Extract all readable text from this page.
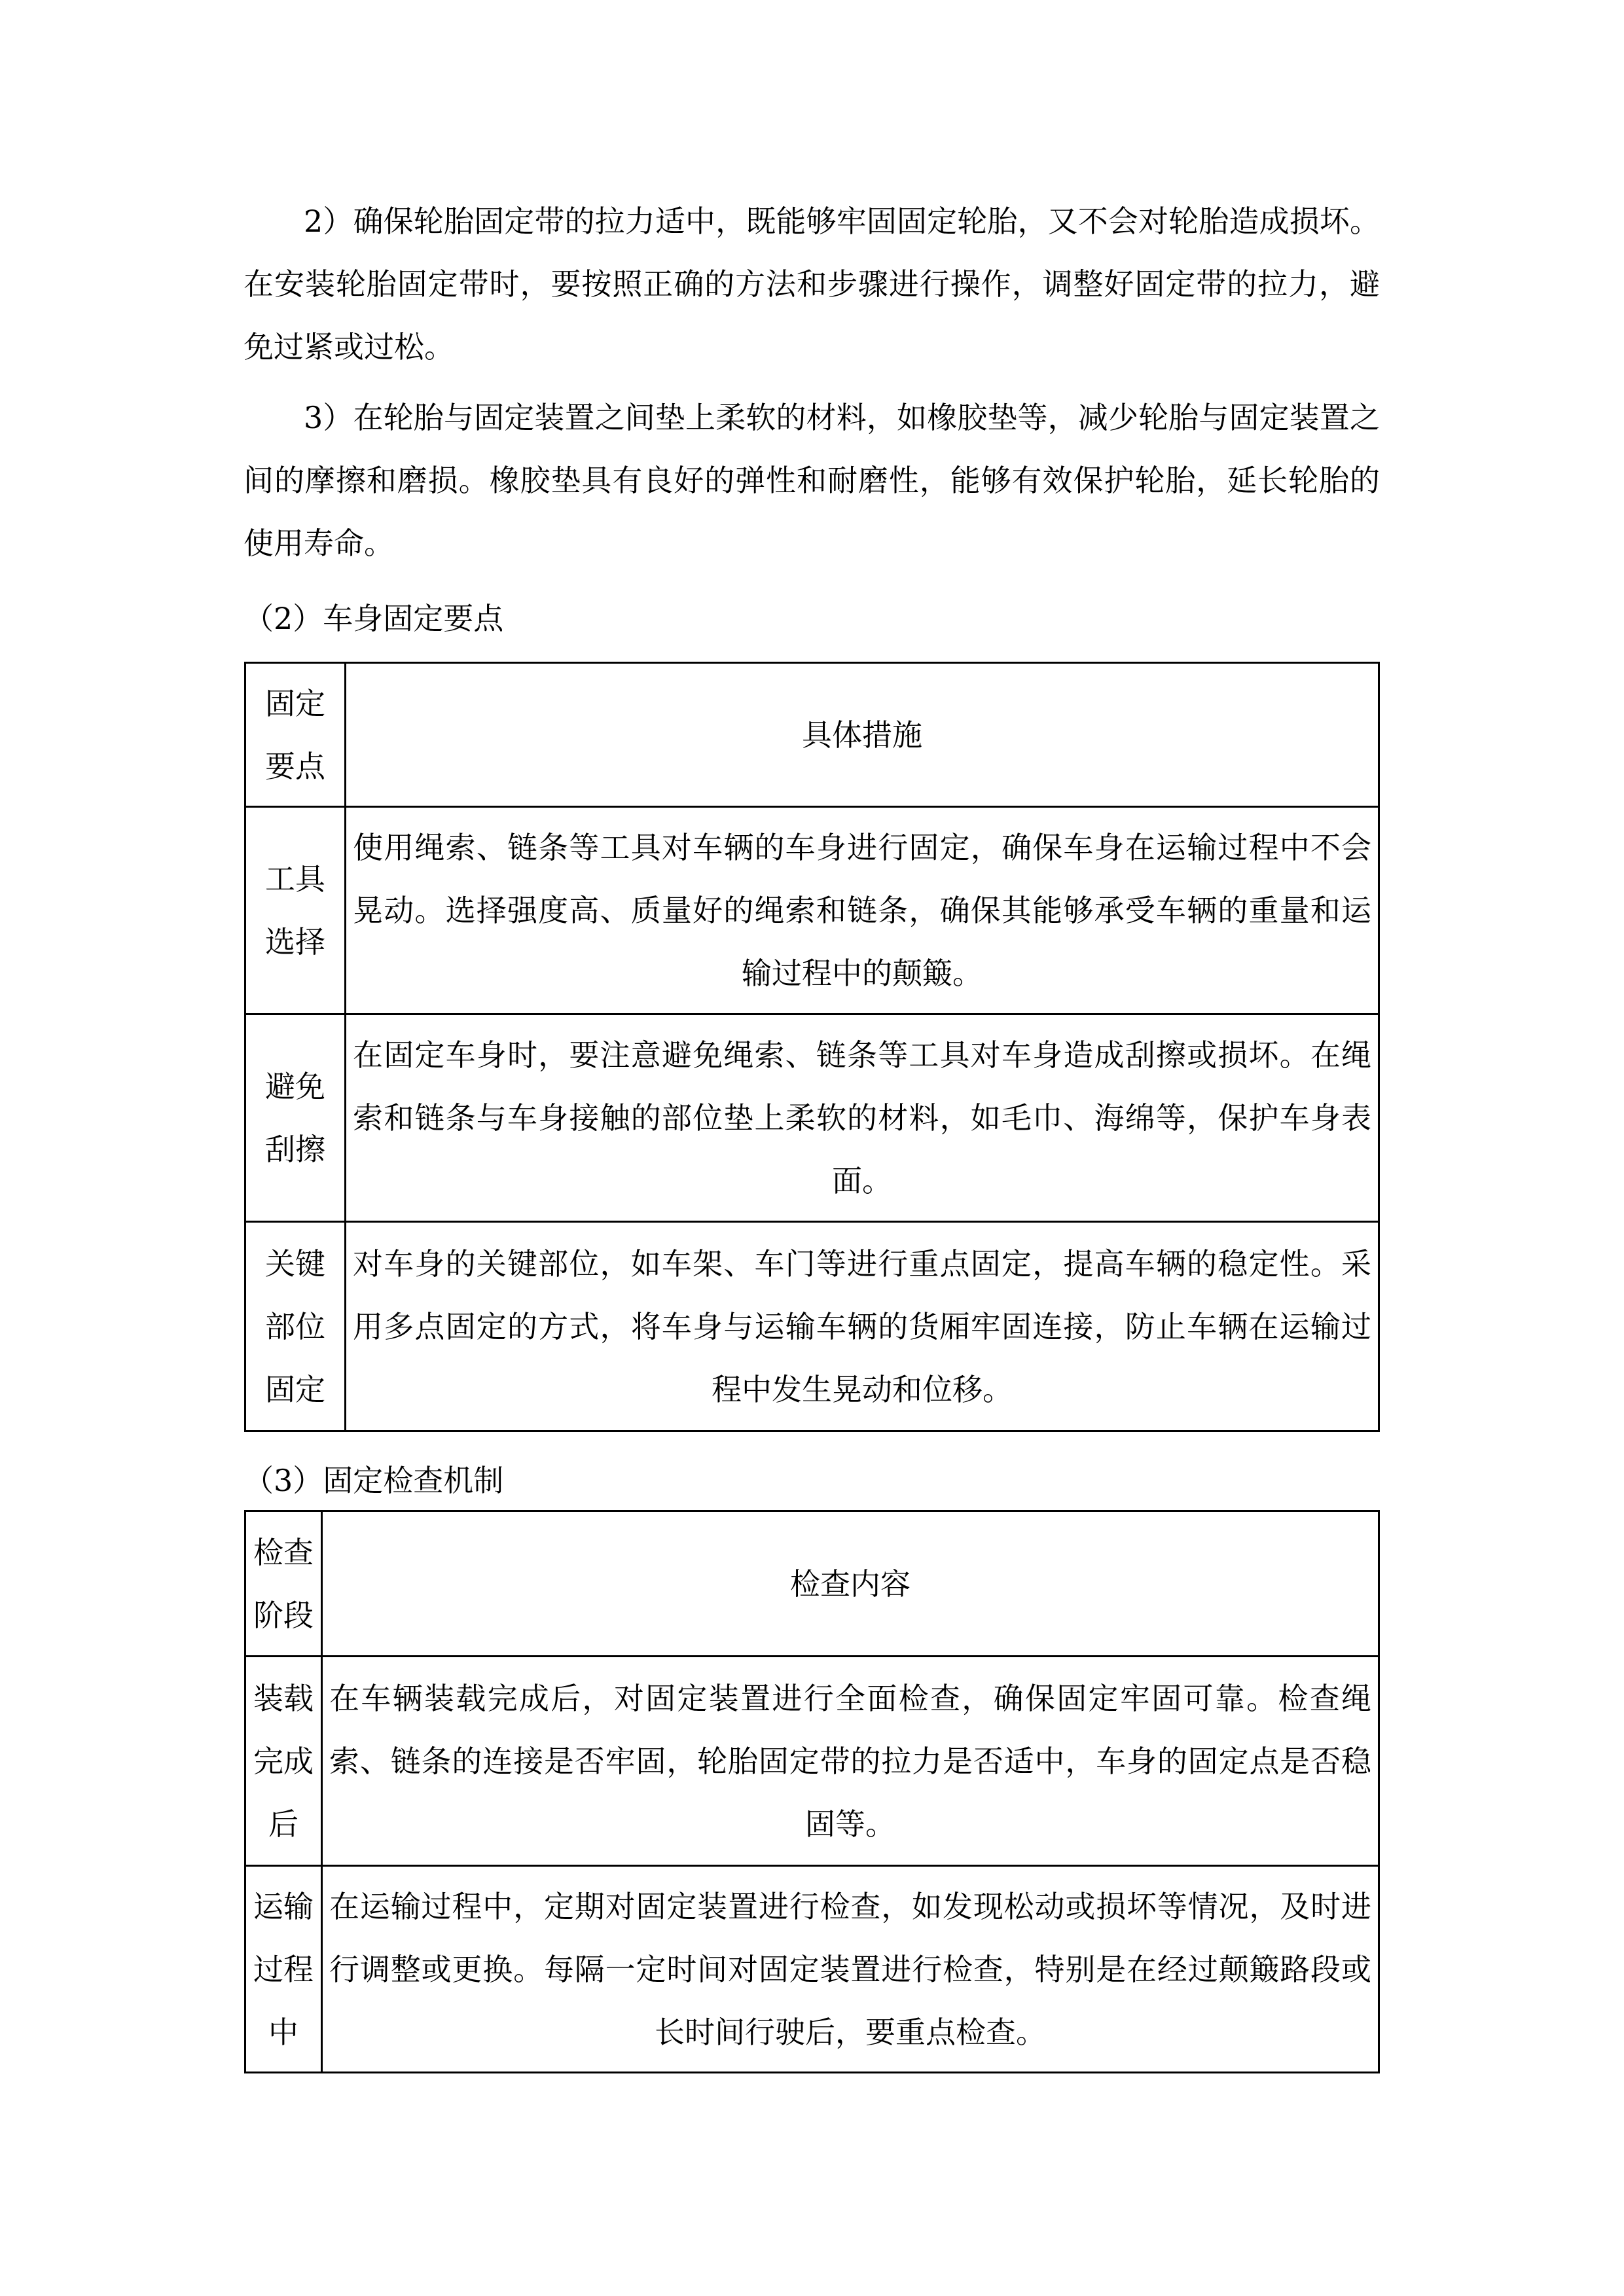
2）确保轮胎固定带的拉力适中，既能够牢固固定轮胎，又不会对轮胎造成损坏。在安装轮胎固定带时，要按照正确的方法和步骤进行操作，调整好固定带的拉力，避免过紧或过松。

3）在轮胎与固定装置之间垫上柔软的材料，如橡胶垫等，减少轮胎与固定装置之间的摩擦和磨损。橡胶垫具有良好的弹性和耐磨性，能够有效保护轮胎，延长轮胎的使用寿命。

（2）车身固定要点
固定要点	具体措施
工具选择	使用绳索、链条等工具对车辆的车身进行固定，确保车身在运输过程中不会晃动。选择强度高、质量好的绳索和链条，确保其能够承受车辆的重量和运输过程中的颠簸。
避免刮擦	在固定车身时，要注意避免绳索、链条等工具对车身造成刮擦或损坏。在绳索和链条与车身接触的部位垫上柔软的材料，如毛巾、海绵等，保护车身表面。
关键部位固定	对车身的关键部位，如车架、车门等进行重点固定，提高车辆的稳定性。采用多点固定的方式，将车身与运输车辆的货厢牢固连接，防止车辆在运输过程中发生晃动和位移。
（3）固定检查机制
检查阶段	检查内容
装载完成后	在车辆装载完成后，对固定装置进行全面检查，确保固定牢固可靠。检查绳索、链条的连接是否牢固，轮胎固定带的拉力是否适中，车身的固定点是否稳固等。
运输过程中	在运输过程中，定期对固定装置进行检查，如发现松动或损坏等情况，及时进行调整或更换。每隔一定时间对固定装置进行检查，特别是在经过颠簸路段或长时间行驶后，要重点检查。
